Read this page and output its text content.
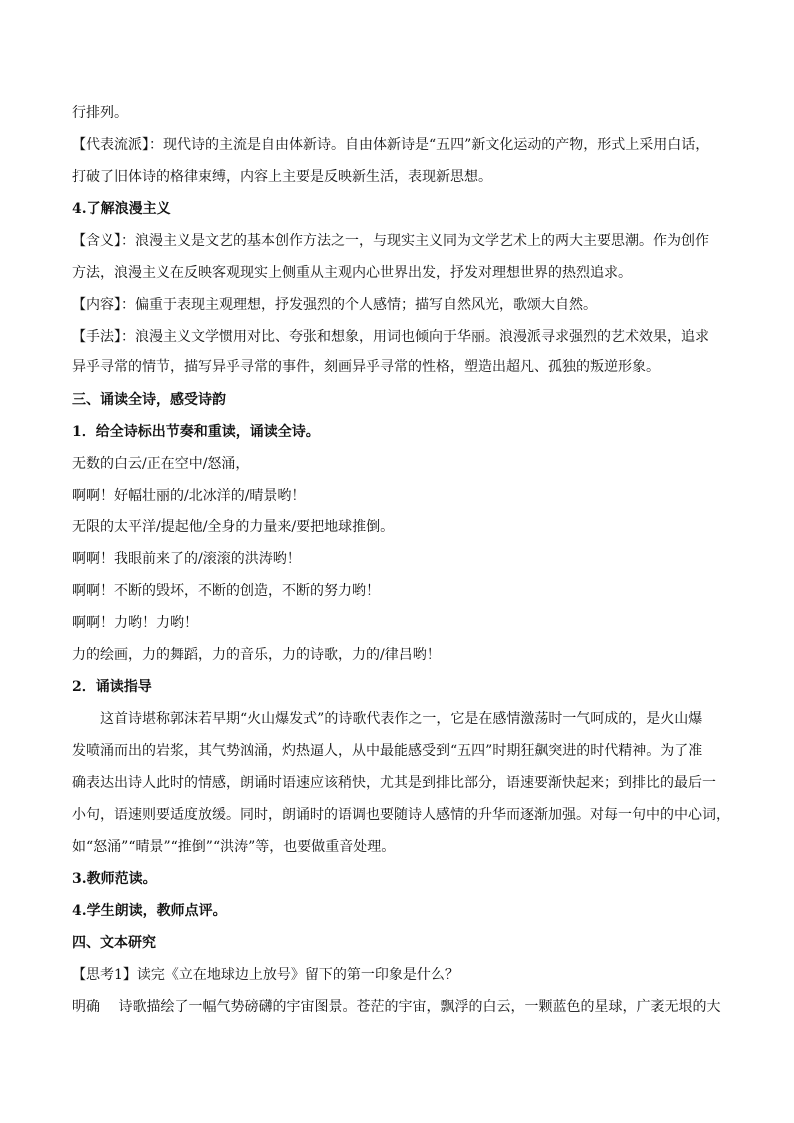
行排列。
【代表流派】：现代诗的主流是自由体新诗。自由体新诗是“五四”新文化运动的产物，形式上采用白话，
打破了旧体诗的格律束缚，内容上主要是反映新生活，表现新思想。
4.了解浪漫主义
【含义】：浪漫主义是文艺的基本创作方法之一，与现实主义同为文学艺术上的两大主要思潮。作为创作
方法，浪漫主义在反映客观现实上侧重从主观内心世界出发，抒发对理想世界的热烈追求。
【内容】：偏重于表现主观理想，抒发强烈的个人感情；描写自然风光，歌颂大自然。
【手法】：浪漫主义文学惯用对比、夸张和想象，用词也倾向于华丽。浪漫派寻求强烈的艺术效果，追求
异乎寻常的情节，描写异乎寻常的事件，刻画异乎寻常的性格，塑造出超凡、孤独的叛逆形象。
三、诵读全诗，感受诗韵
1．给全诗标出节奏和重读，诵读全诗。
无数的白云/正在空中/怒涌，
啊啊！好幅壮丽的/北冰洋的/晴景哟！
无限的太平洋/提起他/全身的力量来/要把地球推倒。
啊啊！我眼前来了的/滚滚的洪涛哟！
啊啊！不断的毁坏，不断的创造，不断的努力哟！
啊啊！力哟！力哟！
力的绘画，力的舞蹈，力的音乐，力的诗歌，力的/律吕哟！
2．诵读指导
这首诗堪称郭沫若早期“火山爆发式”的诗歌代表作之一，它是在感情激荡时一气呵成的，是火山爆
发喷涌而出的岩浆，其气势汹涌，灼热逼人，从中最能感受到“五四”时期狂飙突进的时代精神。为了准
确表达出诗人此时的情感，朗诵时语速应该稍快，尤其是到排比部分，语速要渐快起来；到排比的最后一
小句，语速则要适度放缓。同时，朗诵时的语调也要随诗人感情的升华而逐渐加强。对每一句中的中心词，
如“怒涌”“晴景”“推倒”“洪涛”等，也要做重音处理。
3.教师范读。
4.学生朗读，教师点评。
四、文本研究
【思考1】读完《立在地球边上放号》留下的第一印象是什么？
明确　 诗歌描绘了一幅气势磅礴的宇宙图景。苍茫的宇宙，飘浮的白云，一颗蓝色的星球，广袤无垠的大
